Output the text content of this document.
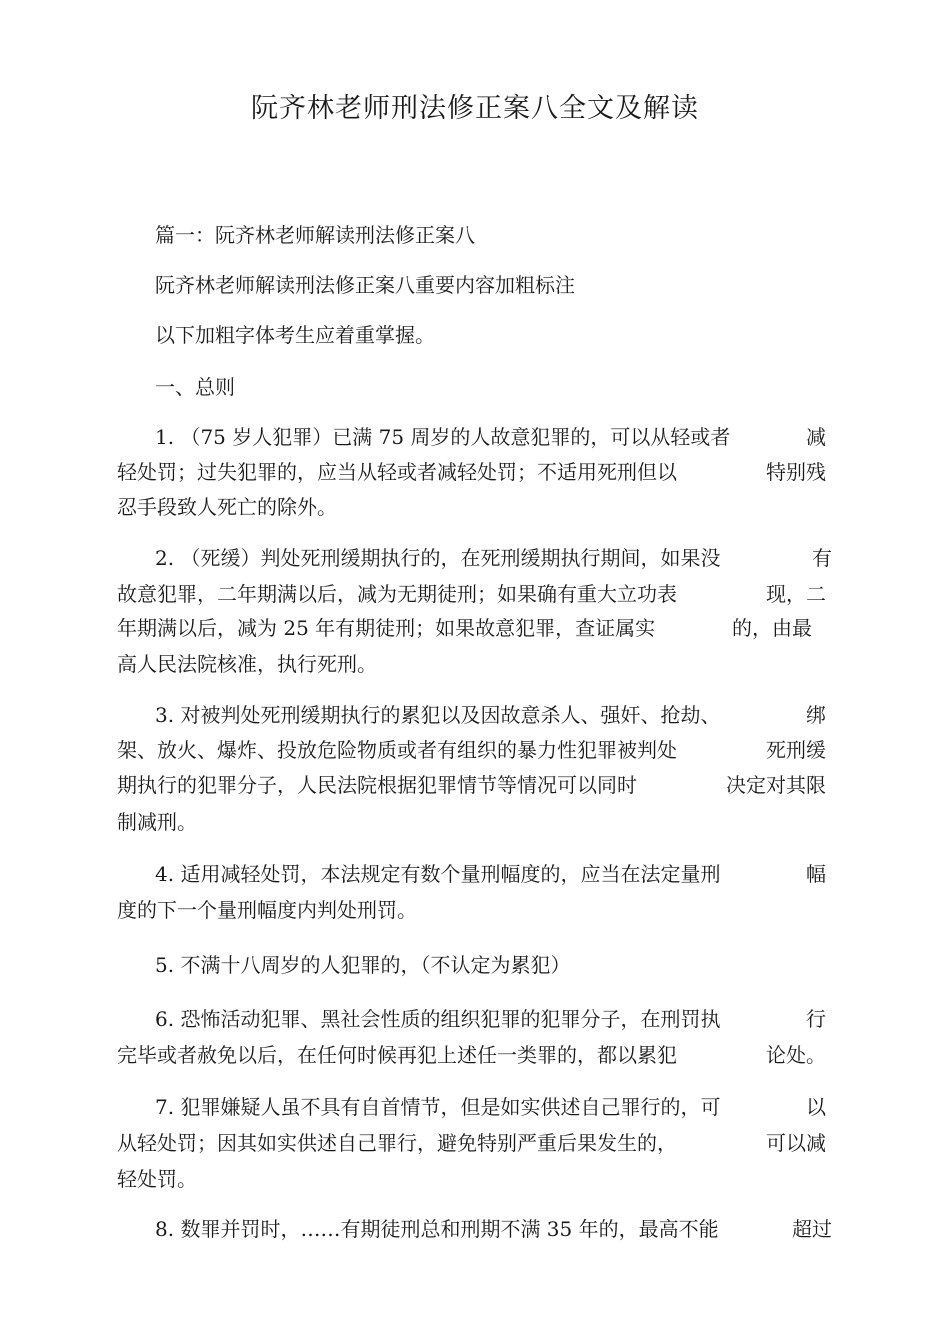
阮齐林老师刑法修正案八全文及解读

篇一：阮齐林老师解读刑法修正案八

阮齐林老师解读刑法修正案八重要内容加粗标注

以下加粗字体考生应着重掌握。

一、总则

1. （75 岁人犯罪）已满 75 周岁的人故意犯罪的，可以从轻或者	减
轻处罚；过失犯罪的，应当从轻或者减轻处罚；不适用死刑但以	特别残
忍手段致人死亡的除外。
2. （死缓）判处死刑缓期执行的，在死刑缓期执行期间，如果没	有
故意犯罪，二年期满以后，减为无期徒刑；如果确有重大立功表	现，二
年期满以后，减为 25 年有期徒刑；如果故意犯罪，查证属实	的，由最
高人民法院核准，执行死刑。
3. 对被判处死刑缓期执行的累犯以及因故意杀人、强奸、抢劫、	绑
架、放火、爆炸、投放危险物质或者有组织的暴力性犯罪被判处	死刑缓
期执行的犯罪分子，人民法院根据犯罪情节等情况可以同时	决定对其限
制减刑。
4. 适用减轻处罚，本法规定有数个量刑幅度的，应当在法定量刑	幅
度的下一个量刑幅度内判处刑罚。
5. 不满十八周岁的人犯罪的，（不认定为累犯）
6. 恐怖活动犯罪、黑社会性质的组织犯罪的犯罪分子，在刑罚执	行
完毕或者赦免以后，在任何时候再犯上述任一类罪的，都以累犯	论处。
7. 犯罪嫌疑人虽不具有自首情节，但是如实供述自己罪行的，可	以
从轻处罚；因其如实供述自己罪行，避免特别严重后果发生的，	可以减
轻处罚。
8. 数罪并罚时，……有期徒刑总和刑期不满 35 年的，最高不能	超过
